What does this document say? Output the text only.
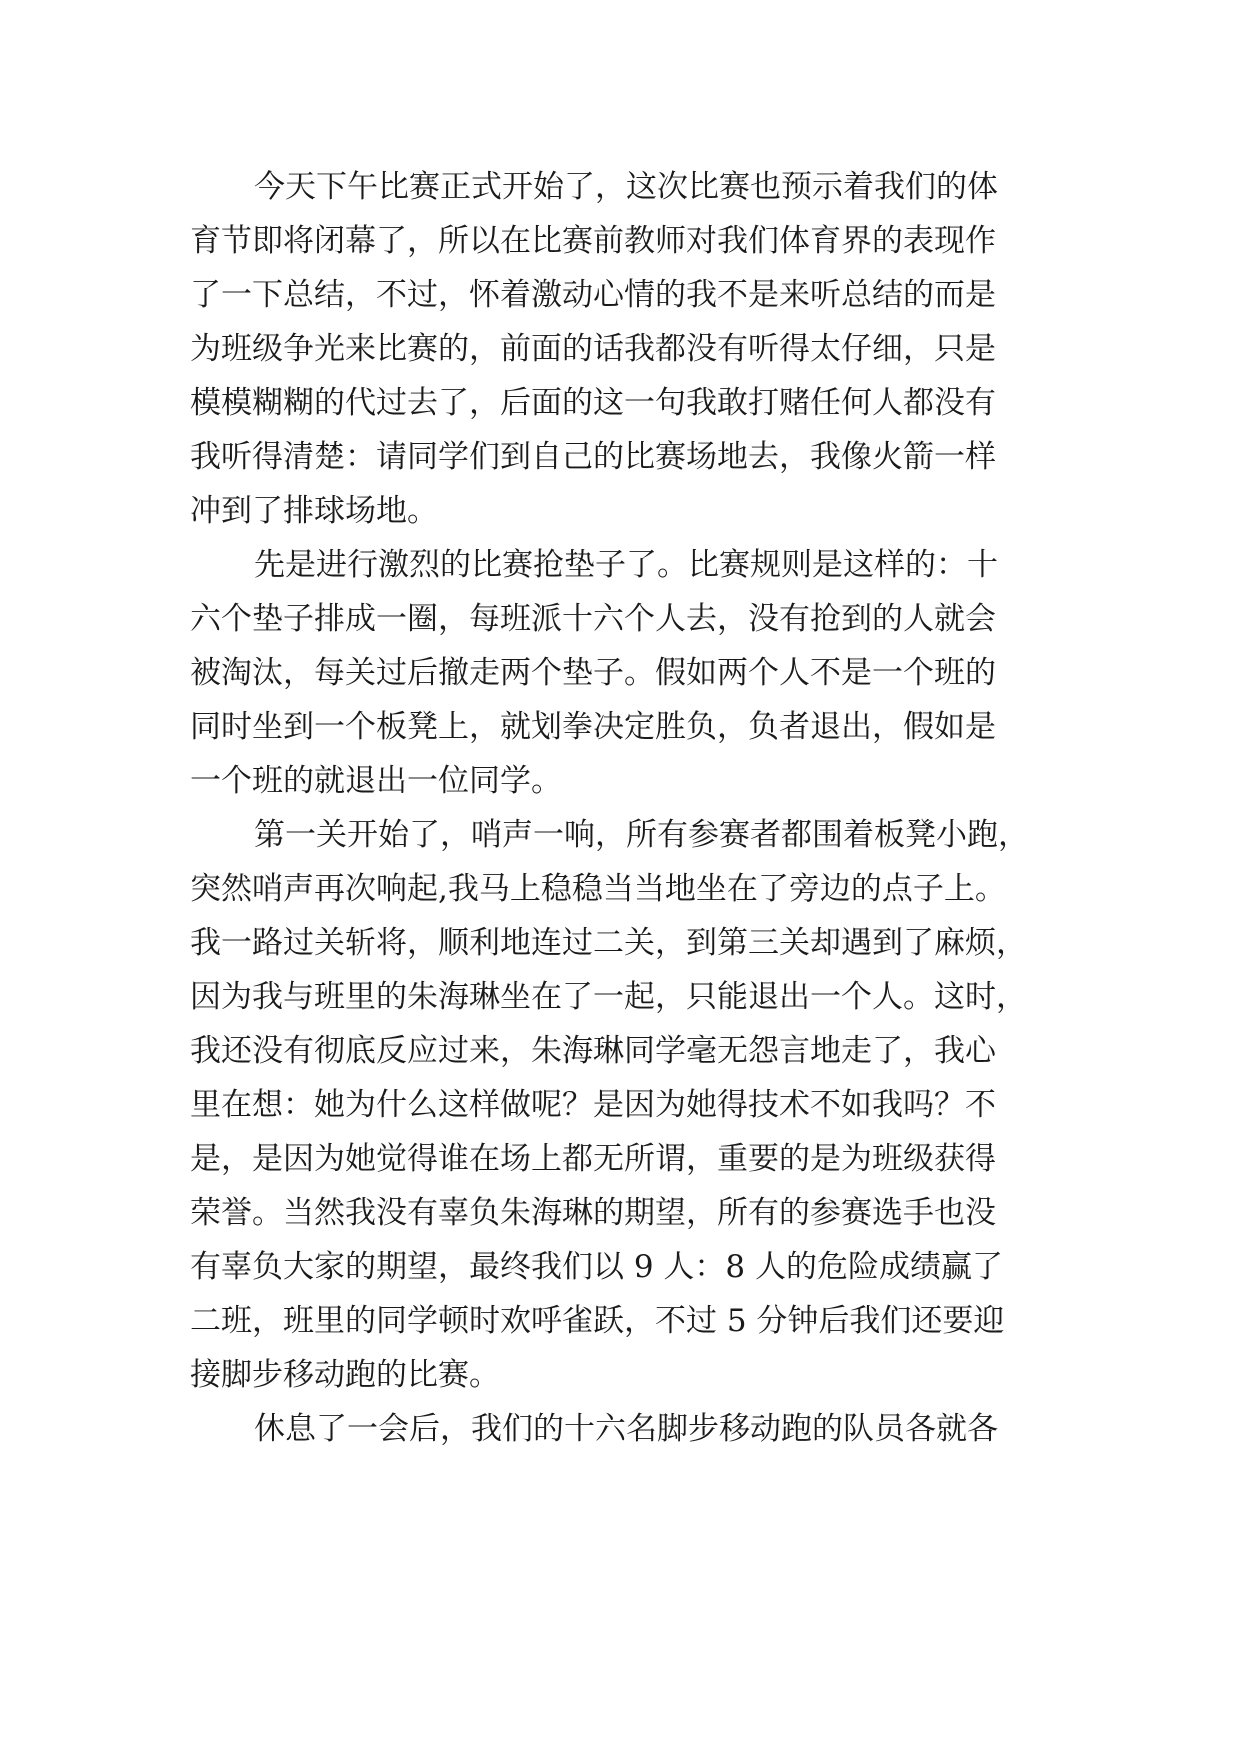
今天下午比赛正式开始了，这次比赛也预示着我们的体
育节即将闭幕了，所以在比赛前教师对我们体育界的表现作
了一下总结，不过，怀着激动心情的我不是来听总结的而是
为班级争光来比赛的，前面的话我都没有听得太仔细，只是
模模糊糊的代过去了，后面的这一句我敢打赌任何人都没有
我听得清楚：请同学们到自己的比赛场地去，我像火箭一样
冲到了排球场地。
先是进行激烈的比赛抢垫子了。比赛规则是这样的：十
六个垫子排成一圈，每班派十六个人去，没有抢到的人就会
被淘汰，每关过后撤走两个垫子。假如两个人不是一个班的
同时坐到一个板凳上，就划拳决定胜负，负者退出，假如是
一个班的就退出一位同学。
第一关开始了，哨声一响，所有参赛者都围着板凳小跑，
突然哨声再次响起,我马上稳稳当当地坐在了旁边的点子上。
我一路过关斩将，顺利地连过二关，到第三关却遇到了麻烦，
因为我与班里的朱海琳坐在了一起，只能退出一个人。这时，
我还没有彻底反应过来，朱海琳同学毫无怨言地走了，我心
里在想：她为什么这样做呢？是因为她得技术不如我吗？不
是，是因为她觉得谁在场上都无所谓，重要的是为班级获得
荣誉。当然我没有辜负朱海琳的期望，所有的参赛选手也没
有辜负大家的期望，最终我们以 9 人：8 人的危险成绩赢了
二班，班里的同学顿时欢呼雀跃，不过 5 分钟后我们还要迎
接脚步移动跑的比赛。
休息了一会后，我们的十六名脚步移动跑的队员各就各
